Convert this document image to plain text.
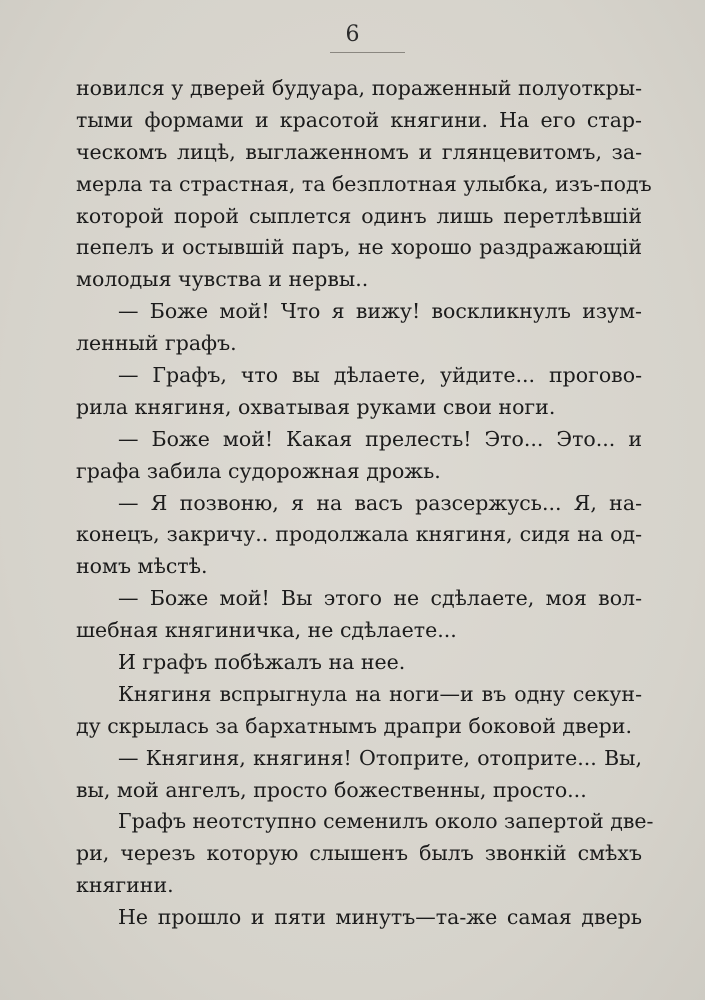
6
новился у дверей будуара, пораженный полуоткры-
тыми формами и красотой княгини. На его стар-
ческомъ лицѣ, выглаженномъ и глянцевитомъ, за-
мерла та страстная, та безплотная улыбка, изъ-подъ
которой порой сыплется одинъ лишь перетлѣвшій
пепелъ и остывшій паръ, не хорошо раздражающій
молодыя чувства и нервы..
— Боже мой! Что я вижу! воскликнулъ изум-
ленный графъ.
— Графъ, что вы дѣлаете, уйдите... прогово-
рила княгиня, охватывая руками свои ноги.
— Боже мой! Какая прелесть! Это... Это... и
графа забила судорожная дрожь.
— Я позвоню, я на васъ разсержусь... Я, на-
конецъ, закричу.. продолжала княгиня, сидя на од-
номъ мѣстѣ.
— Боже мой! Вы этого не сдѣлаете, моя вол-
шебная княгиничка, не сдѣлаете...
И графъ побѣжалъ на нее.
Княгиня вспрыгнула на ноги—и въ одну секун-
ду скрылась за бархатнымъ драпри боковой двери.
— Княгиня, княгиня! Отоприте, отоприте... Вы,
вы, мой ангелъ, просто божественны, просто...
Графъ неотступно семенилъ около запертой две-
ри, черезъ которую слышенъ былъ звонкій смѣхъ
княгини.
Не прошло и пяти минутъ—та-же самая дверь
